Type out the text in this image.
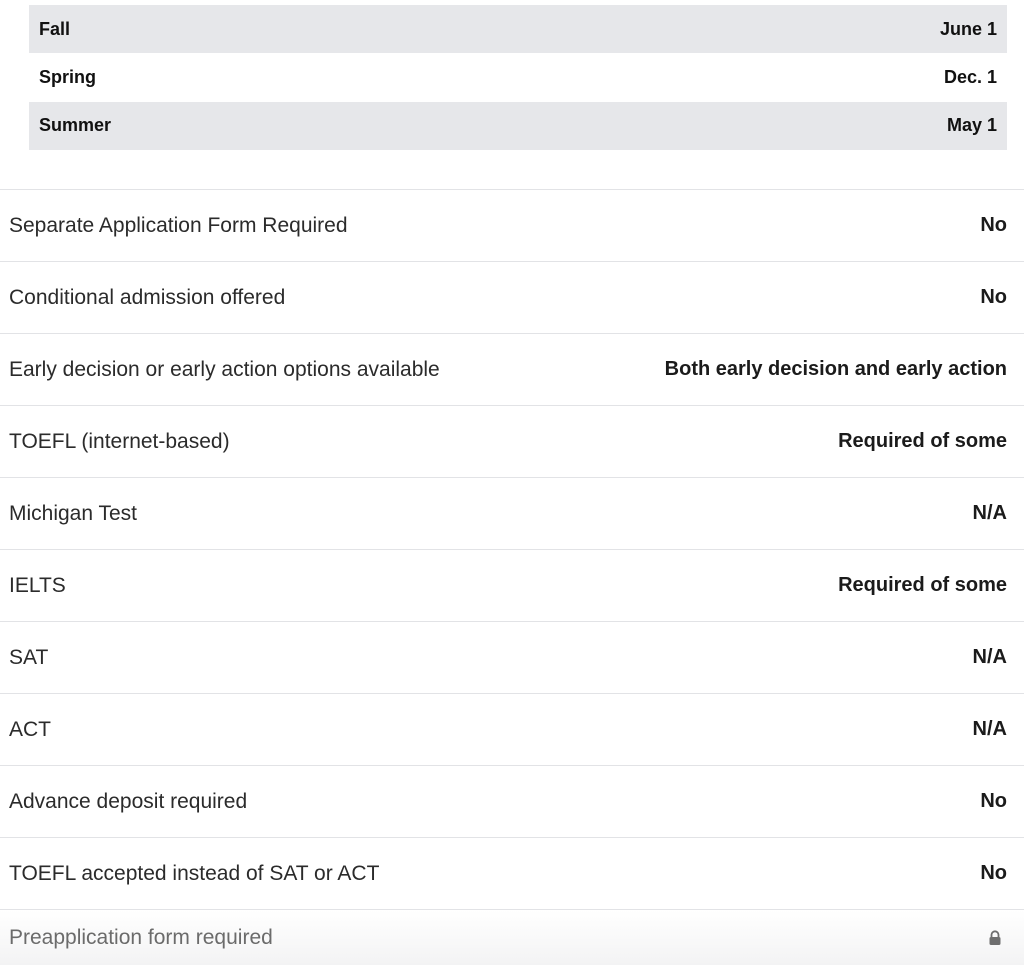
Fall	June 1
Spring	Dec. 1
Summer	May 1
Separate Application Form Required	No
Conditional admission offered	No
Early decision or early action options available	Both early decision and early action
TOEFL (internet-based)	Required of some
Michigan Test	N/A
IELTS	Required of some
SAT	N/A
ACT	N/A
Advance deposit required	No
TOEFL accepted instead of SAT or ACT	No
Preapplication form required
